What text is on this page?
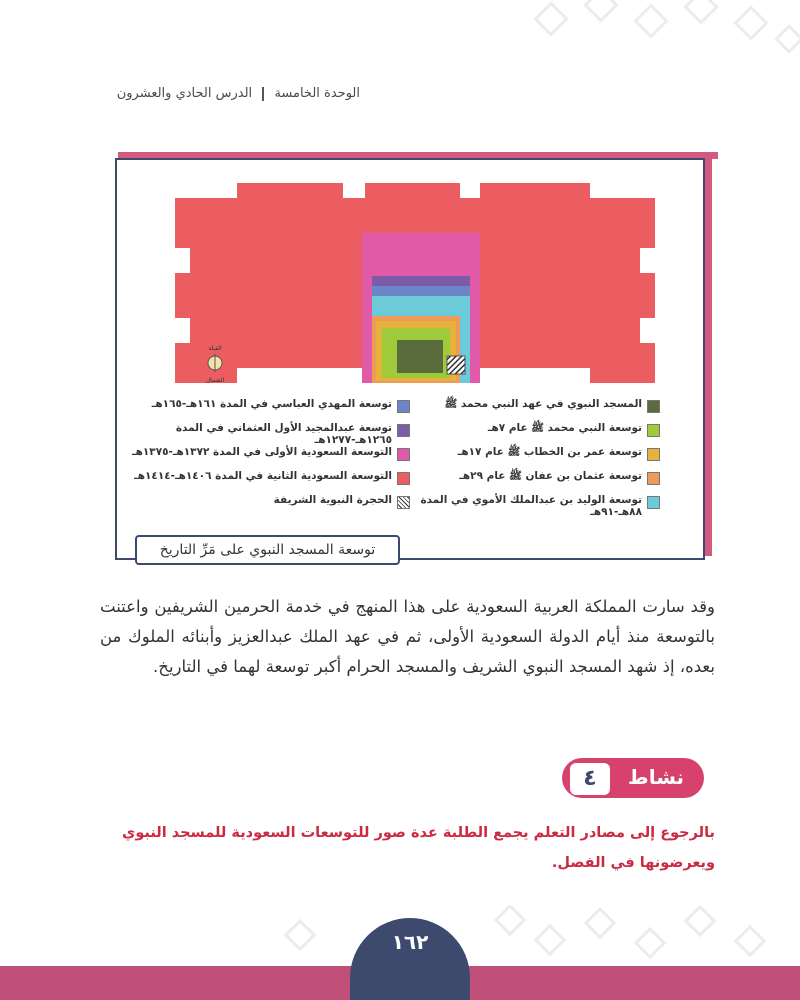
الوحدة الخامسة  الدرس الحادي والعشرون
القبلة
الشمال
المسجد النبوي في عهد النبي محمد ﷺ
توسعة النبي محمد ﷺ عام ٧هـ
توسعة عمر بن الخطاب ﷺ عام ١٧هـ
توسعة عثمان بن عفان ﷺ عام ٢٩هـ
توسعة الوليد بن عبدالملك الأموي في المدة ٨٨هـ-٩١هـ
توسعة المهدي العباسي في المدة ١٦١هـ-١٦٥هـ
توسعة عبدالمجيد الأول العثماني في المدة ١٢٦٥هـ-١٢٧٧هـ
التوسعة السعودية الأولى في المدة ١٣٧٢هـ-١٣٧٥هـ
التوسعة السعودية الثانية في المدة ١٤٠٦هـ-١٤١٤هـ
الحجرة النبوية الشريفة
توسعة المسجد النبوي على مَرِّ التاريخ
وقد سارت المملكة العربية السعودية على هذا المنهج في خدمة الحرمين الشريفين واعتنت بالتوسعة منذ أيام الدولة السعودية الأولى، ثم في عهد الملك عبدالعزيز وأبنائه الملوك من بعده، إذ شهد المسجد النبوي الشريف والمسجد الحرام أكبر توسعة لهما في التاريخ.
نشاط
٤
بالرجوع إلى مصادر التعلم يجمع الطلبة عدة صور للتوسعات السعودية للمسجد النبوي ويعرضونها في الفصل.
١٦٢
